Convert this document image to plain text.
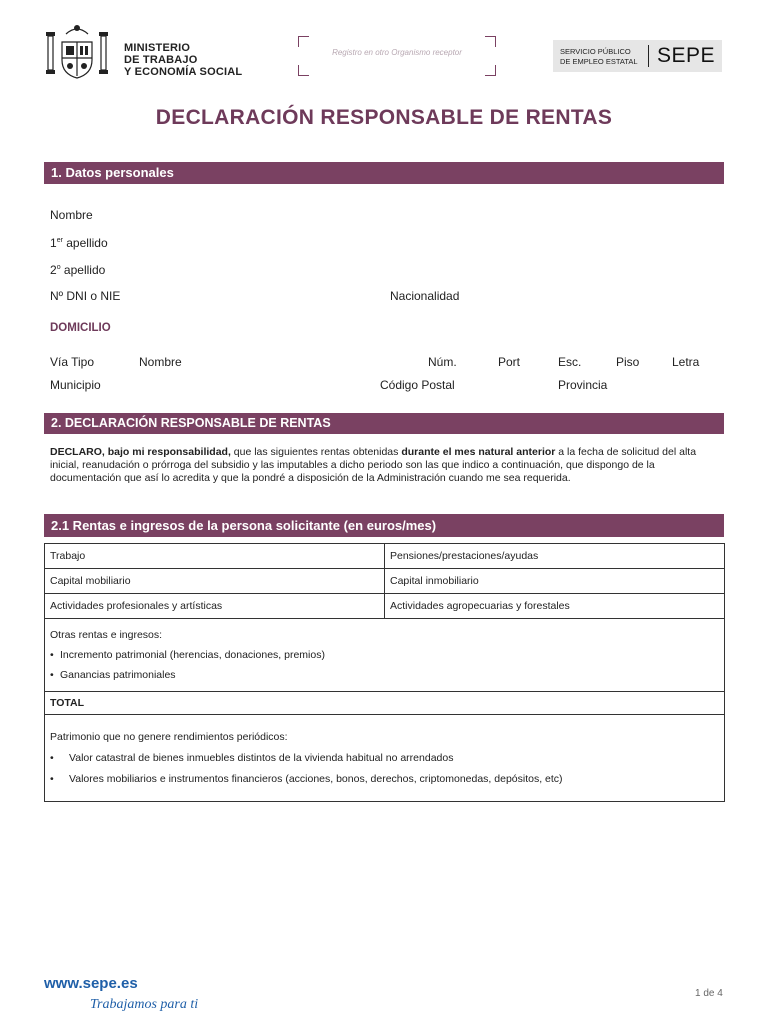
MINISTERIO
DE TRABAJO
Y ECONOMÍA SOCIAL
Registro en otro Organismo receptor	SERVICIO PÚBLICO
DE EMPLEO ESTATAL SEPE
DECLARACIÓN RESPONSABLE DE RENTAS
1. Datos personales
Nombre
1er apellido
2$^o$ apellido
Nº DNI o NIE	Nacionalidad
DOMICILIO
Vía Tipo	Nombre	Núm.	Port	Esc.	Piso	Letra
Municipio	Código Postal	Provincia
2. DECLARACIÓN RESPONSABLE DE RENTAS
DECLARO, bajo mi responsabilidad, que las siguientes rentas obtenidas durante el mes natural anterior a la fecha de solicitud del alta inicial, reanudación o prórroga del subsidio y las imputables a dicho periodo son las que indico a continuación, que dispongo de la documentación que así lo acredita y que la pondré a disposición de la Administración cuando me sea requerida.
2.1 Rentas e ingresos de la persona solicitante (en euros/mes)
Trabajo	Pensiones/prestaciones/ayudas
Capital mobiliario	Capital inmobiliario
Actividades profesionales y artísticas	Actividades agropecuarias y forestales

Otras rentas e ingresos:
• Incremento patrimonial (herencias, donaciones, premios)
• Ganancias patrimoniales	

TOTAL	

Patrimonio que no genere rendimientos periódicos:
• Valor catastral de bienes inmuebles distintos de la vivienda habitual no arrendados
• Valores mobiliarios e instrumentos financieros (acciones, bonos, derechos, criptomonedas, depósitos, etc)	
www.sepe.es
Trabajamos para ti
1 de 4
